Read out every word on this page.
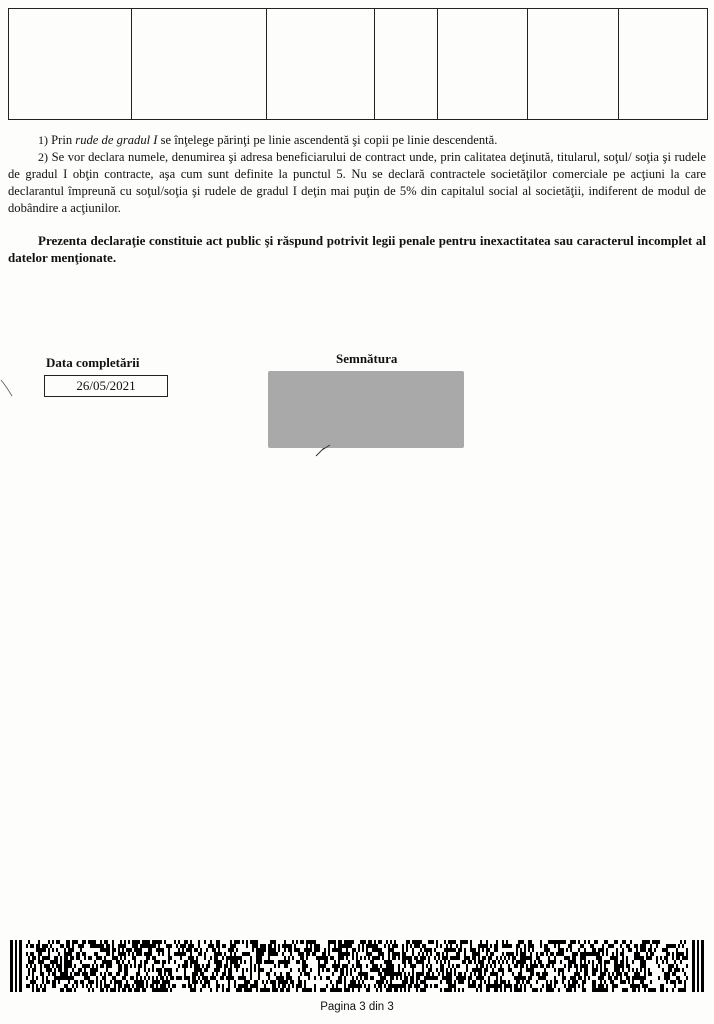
1) Prin rude de gradul I se înţelege părinţi pe linie ascendentă şi copii pe linie descendentă.

2) Se vor declara numele, denumirea şi adresa beneficiarului de contract unde, prin calitatea deţinută, titularul, soţul/ soţia şi rudele de gradul I obţin contracte, aşa cum sunt definite la punctul 5. Nu se declară contractele societăţilor comerciale pe acţiuni la care declarantul împreună cu soţul/soţia şi rudele de gradul I deţin mai puţin de 5% din capitalul social al societăţii, indiferent de modul de dobândire a acţiunilor.

Prezenta declaraţie constituie act public şi răspund potrivit legii penale pentru inexactitatea sau caracterul incomplet al datelor menţionate.
Data completării
26/05/2021
Semnătura
Pagina 3 din 3
